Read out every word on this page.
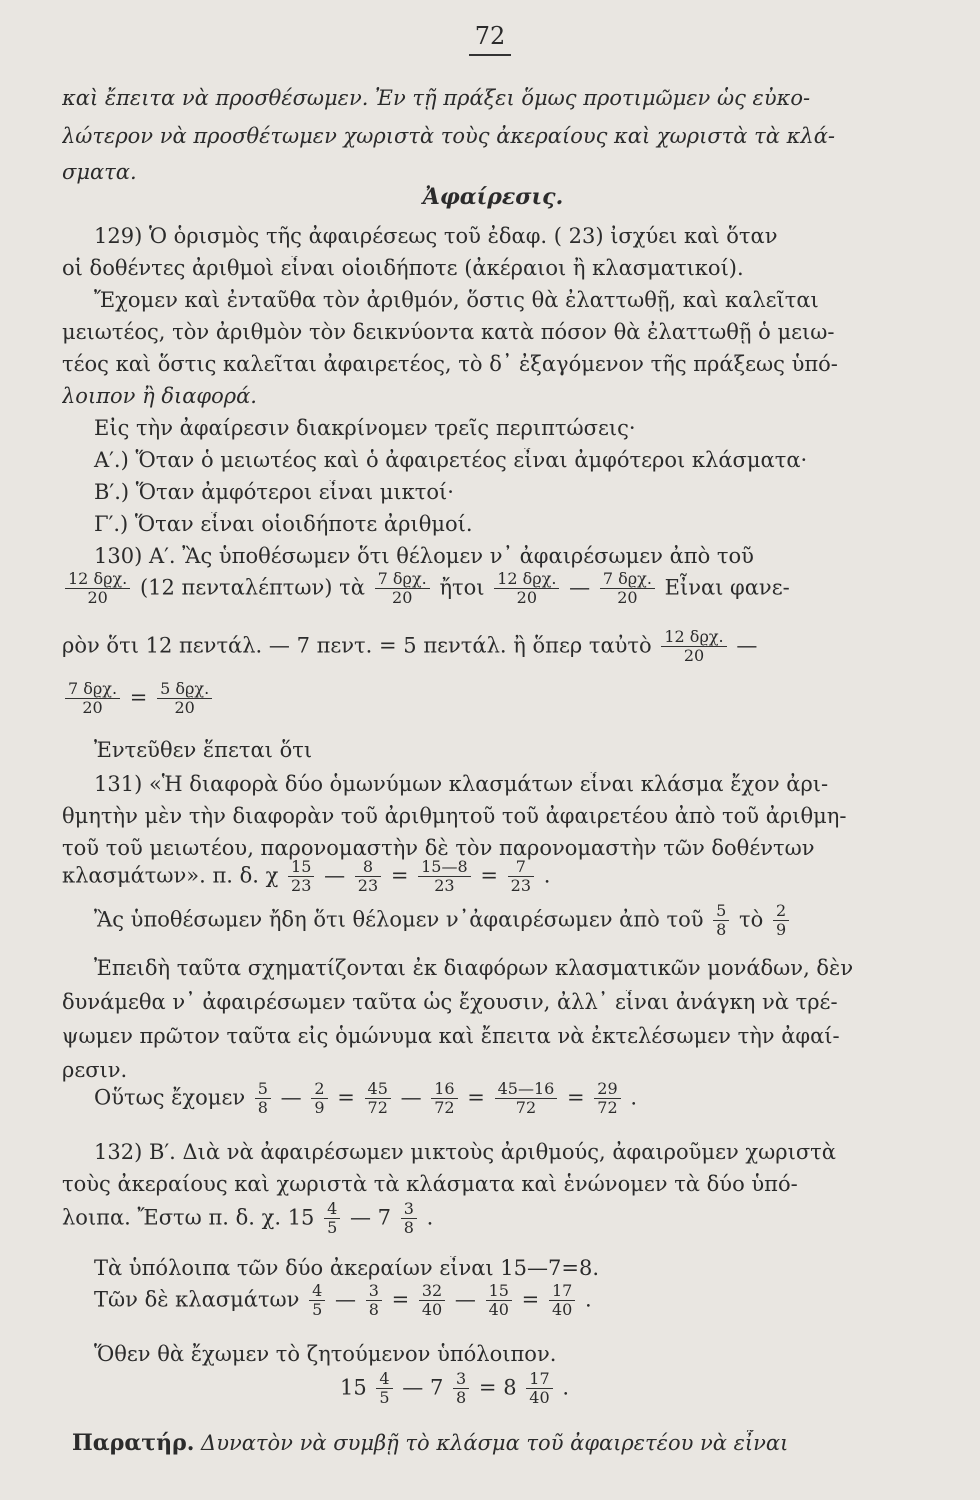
72
καὶ ἔπειτα νὰ προσθέσωμεν. Ἐν τῇ πράξει ὅμως προτιμῶμεν ὡς εὐκο-
λώτερον νὰ προσθέτωμεν χωριστὰ τοὺς ἀκεραίους καὶ χωριστὰ τὰ κλά-
σματα.
Ἀφαίρεσις.
129) Ὁ ὁρισμὸς τῆς ἀφαιρέσεως τοῦ ἐδαφ. ( 23) ἰσχύει καὶ ὅταν
οἱ δοθέντες ἀριθμοὶ εἶναι οἱοιδήποτε (ἀκέραιοι ἢ κλασματικοί).
Ἔχομεν καὶ ἐνταῦθα τὸν ἀριθμόν, ὅστις θὰ ἐλαττωθῇ, καὶ καλεῖται
μειωτέος, τὸν ἀριθμὸν τὸν δεικνύοντα κατὰ πόσον θὰ ἐλαττωθῇ ὁ μειω-
τέος καὶ ὅστις καλεῖται ἀφαιρετέος, τὸ δ᾽ ἐξαγόμενον τῆς πράξεως ὑπό-
λοιπον ἢ διαφορά.
Εἰς τὴν ἀφαίρεσιν διακρίνομεν τρεῖς περιπτώσεις·
Α′.) Ὅταν ὁ μειωτέος καὶ ὁ ἀφαιρετέος εἶναι ἀμφότεροι κλάσματα·
Β′.) Ὅταν ἀμφότεροι εἶναι μικτοί·
Γ′.) Ὅταν εἶναι οἱοιδήποτε ἀριθμοί.
130) Α′. Ἂς ὑποθέσωμεν ὅτι θέλομεν ν᾽ ἀφαιρέσωμεν ἀπὸ τοῦ
12 δϱχ.
20	(12 πενταλέπτων) τὰ 7 δϱχ.
20	ἤτοι 12 δϱχ.
20	— 7 δϱχ.
20	Εἶναι φανε-
ρὸν ὅτι 12 πεντάλ. — 7 πεντ. = 5 πεντάλ. ἢ ὅπερ ταὐτὸ 12 δϱχ.
20	—
7 δϱχ.
20	= 5 δϱχ.
20
Ἐντεῦθεν ἕπεται ὅτι
131) «Ἡ διαφορὰ δύο ὁμωνύμων κλασμάτων εἶναι κλάσμα ἔχον ἀρι-
θμητὴν μὲν τὴν διαφορὰν τοῦ ἀριθμητοῦ τοῦ ἀφαιρετέου ἀπὸ τοῦ ἀριθμη-
τοῦ τοῦ μειωτέου, παρονομαστὴν δὲ τὸν παρονομαστὴν τῶν δοθέντων
κλασμάτων». π. δ. χ $\frac{15}{23}$ — $\frac{8}{23} = \frac{15—8}{23} = \frac{7}{23}$ .
Ἂς ὑποθέσωμεν ἤδη ὅτι θέλομεν ν᾽ἀφαιρέσωμεν ἀπὸ τοῦ $\frac{5}{8}$ τὸ $\frac{2}{9}$
Ἐπειδὴ ταῦτα σχηματίζονται ἐκ διαφόρων κλασματικῶν μονάδων, δὲν
δυνάμεθα ν᾽ ἀφαιρέσωμεν ταῦτα ὡς ἔχουσιν, ἀλλ᾽ εἶναι ἀνάγκη νὰ τρέ-
ψωμεν πρῶτον ταῦτα εἰς ὁμώνυμα καὶ ἔπειτα νὰ ἐκτελέσωμεν τὴν ἀφαί-
ρεσιν.
Οὕτως ἔχομεν $\frac{5}{8}$ — $\frac{2}{9} = \frac{45}{72}$ — $\frac{16}{72} = \frac{45—16}{72} = \frac{29}{72}$ .
132) Β′. Διὰ νὰ ἀφαιρέσωμεν μικτοὺς ἀριθμούς, ἀφαιροῦμεν χωριστὰ
τοὺς ἀκεραίους καὶ χωριστὰ τὰ κλάσματα καὶ ἑνώνομεν τὰ δύο ὑπό-
λοιπα. Ἔστω π. δ. χ. $15 \frac{4}{5}$ — $7 \frac{3}{8}$ .
Τὰ ὑπόλοιπα τῶν δύο ἀκεραίων εἶναι 15—7=8.
Τῶν δὲ κλασμάτων $\frac{4}{5}$ — $\frac{3}{8} = \frac{32}{40}$ — $\frac{15}{40} = \frac{17}{40}$ .
Ὅθεν θὰ ἔχωμεν τὸ ζητούμενον ὑπόλοιπον.
$15 \frac{4}{5}$ — $7 \frac{3}{8} = 8 \frac{17}{40}$ .
Παρατήρ. Δυνατὸν νὰ συμβῇ τὸ κλάσμα τοῦ ἀφαιρετέου νὰ εἶναι
